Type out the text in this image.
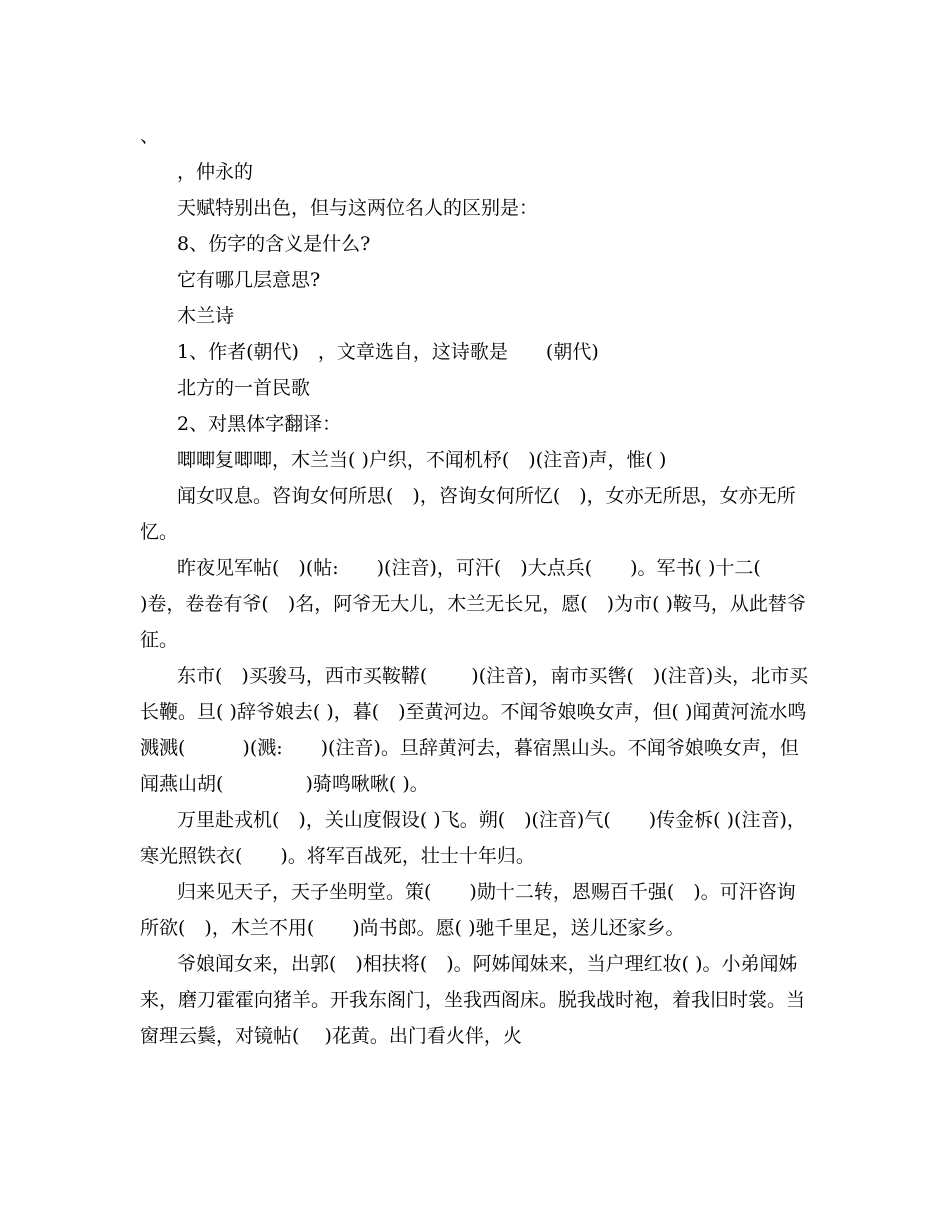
、

，仲永的

天赋特别出色，但与这两位名人的区别是：

8、伤字的含义是什么?

它有哪几层意思?

木兰诗

1、作者(朝代)　，文章选自，这诗歌是　　(朝代)

北方的一首民歌

2、对黑体字翻译：

唧唧复唧唧，木兰当( )户织，不闻机杼(　)(注音)声，惟( )

闻女叹息。咨询女何所思(　)，咨询女何所忆(　)，女亦无所思，女亦无所忆。

昨夜见军帖(　)(帖:　　)(注音)，可汗(　)大点兵(　　)。军书( )十二(　　 )卷，卷卷有爷(　)名，阿爷无大儿，木兰无长兄，愿(　)为市( )鞍马，从此替爷征。

东市(　)买骏马，西市买鞍鞯(　　 )(注音)，南市买辔(　)(注音)头，北市买长鞭。旦( )辞爷娘去( )，暮(　)至黄河边。不闻爷娘唤女声，但( )闻黄河流水鸣溅溅(　　　)(溅:　　)(注音)。旦辞黄河去，暮宿黑山头。不闻爷娘唤女声，但闻燕山胡(　　　　 )骑鸣啾啾( )。

万里赴戎机(　)，关山度假设( )飞。朔(　)(注音)气(　　)传金柝( )(注音)，寒光照铁衣(　　)。将军百战死，壮士十年归。

归来见天子，天子坐明堂。策(　　)勋十二转，恩赐百千强(　)。可汗咨询所欲(　)，木兰不用(　　)尚书郎。愿( )驰千里足，送儿还家乡。

爷娘闻女来，出郭(　)相扶将(　)。阿姊闻妹来，当户理红妆( )。小弟闻姊来，磨刀霍霍向猪羊。开我东阁门，坐我西阁床。脱我战时袍，着我旧时裳。当窗理云鬓，对镜帖(　 )花黄。出门看火伴，火
